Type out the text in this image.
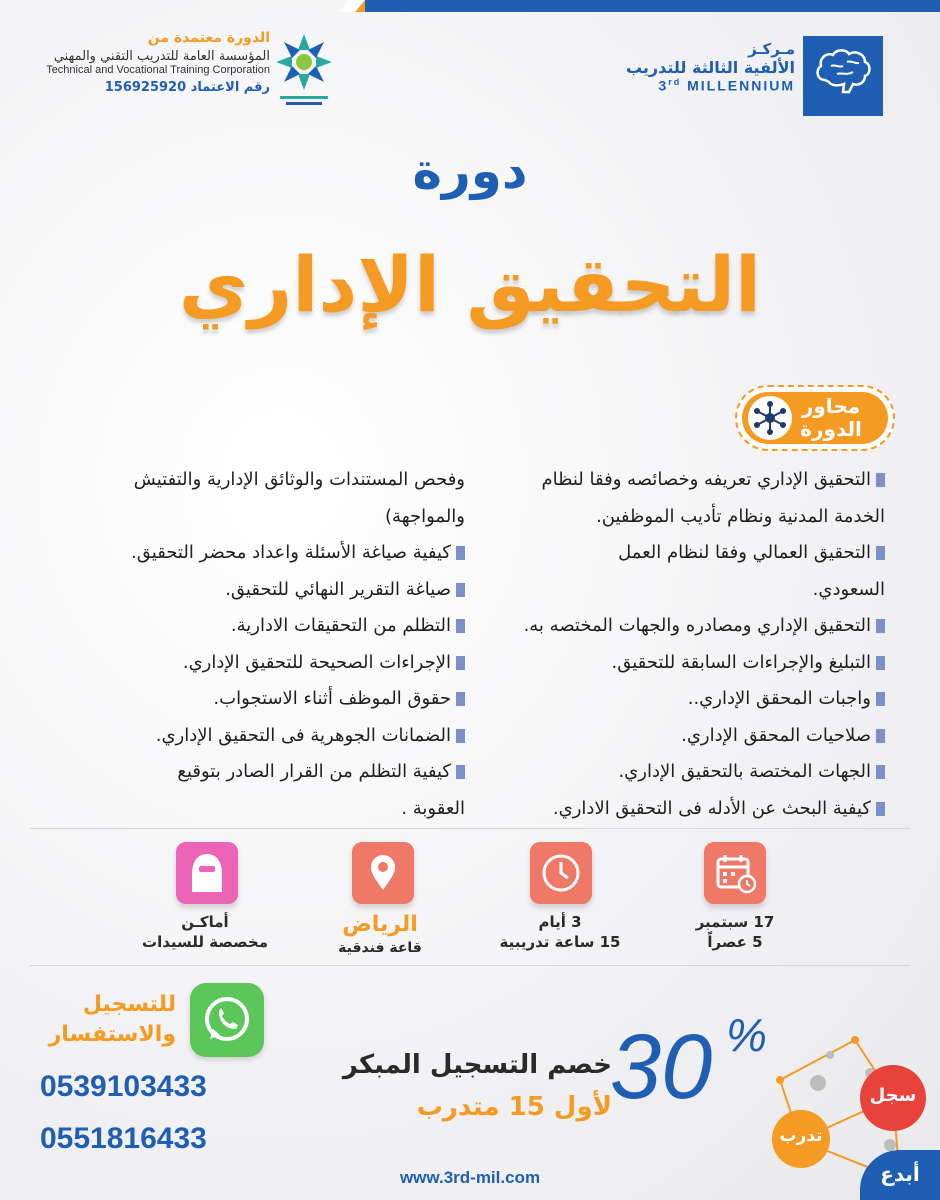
الدورة معتمدة من
المؤسسة العامة للتدريب التقني والمهني
Technical and Vocational Training Corporation
رقم الاعتماد 156925920
مـركـز
الألفية الثالثة للتدريب
3rd MILLENNIUM
دورة
التحقيق الإداري
محاور
الدورة
التحقيق الإداري تعريفه وخصائصه وفقا لنظام
الخدمة المدنية ونظام تأديب الموظفين.
التحقيق العمالي وفقا لنظام العمل
السعودي.
التحقيق الإداري ومصادره والجهات المختصه به.
التبليغ والإجراءات السابقة للتحقيق.
واجبات المحقق الإداري..
صلاحيات المحقق الإداري.
الجهات المختصة بالتحقيق الإداري.
كيفية البحث عن الأدله فى التحقيق الاداري.
وفحص المستندات والوثائق الإدارية والتفتيش
والمواجهة)
كيفية صياغة الأسئلة واعداد محضر التحقيق.
صياغة التقرير النهائي للتحقيق.
التظلم من التحقيقات الادارية.
الإجراءات الصحيحة للتحقيق الإداري.
حقوق الموظف أثناء الاستجواب.
الضمانات الجوهرية فى التحقيق الإداري.
كيفية التظلم من القرار الصادر بتوقيع
العقوبة .
17 سبتمبر
5 عصراً
3 أيام
15 ساعة تدريبية
الرياض
قاعة فندقية
أماكـن
مخصصة للسيدات
للتسجيل
والاستفسار
0539103433
0551816433
30 %
خصم التسجيل المبكر
لأول 15 متدرب
www.3rd-mil.com
سجل
تدرب
أبدع
